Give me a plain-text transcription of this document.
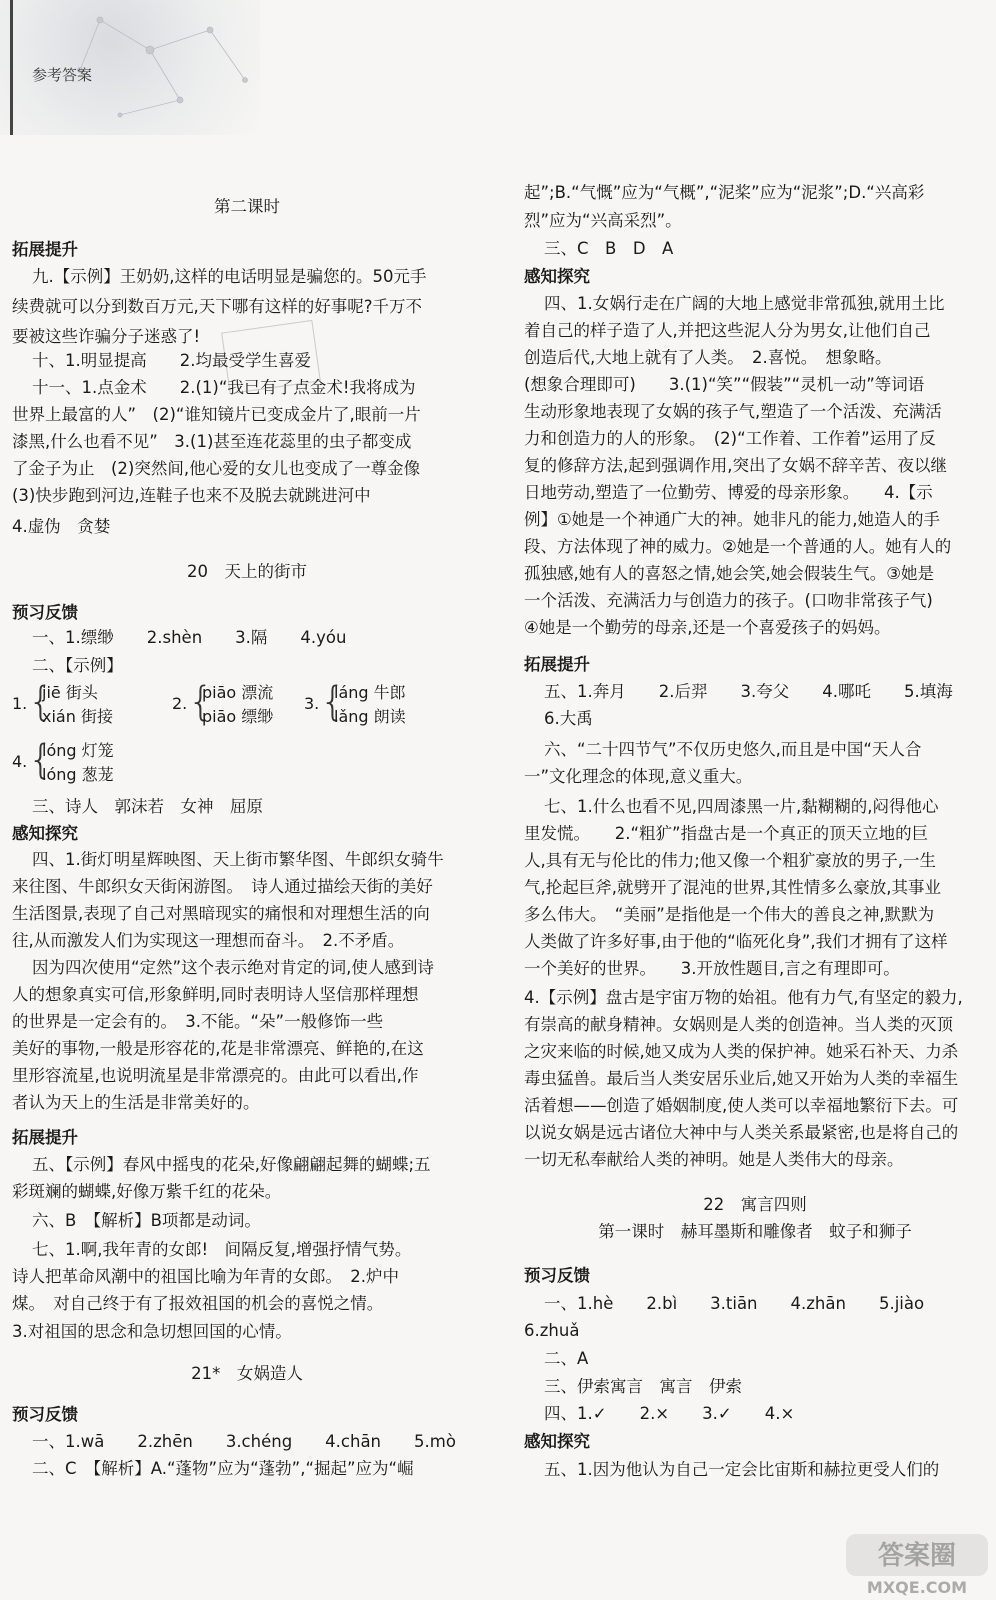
参考答案
第二课时
拓展提升
九.【示例】王奶奶,这样的电话明显是骗您的。50元手
续费就可以分到数百万元,天下哪有这样的好事呢?千万不
要被这些诈骗分子迷惑了!
十、1.明显提高　　2.均最受学生喜爱
十一、1.点金术　　2.(1)“我已有了点金术!我将成为
世界上最富的人”　(2)“谁知镜片已变成金片了,眼前一片
漆黑,什么也看不见”　3.(1)甚至连花蕊里的虫子都变成
了金子为止　(2)突然间,他心爱的女儿也变成了一尊金像
(3)快步跑到河边,连鞋子也来不及脱去就跳进河中
4.虚伪　贪婪
20　天上的街市
预习反馈
一、1.缥缈　　2.shèn　　3.隔　　4.yóu
二、【示例】
1. {
jiē 街头
xián 街接
2. {
piāo 漂流
piāo 缥缈
3. {
láng 牛郎
lǎng 朗读
4. {
lóng 灯笼
lóng 葱茏
三、诗人　郭沫若　女神　屈原
感知探究
四、1.街灯明星辉映图、天上街市繁华图、牛郎织女骑牛
来往图、牛郎织女天街闲游图。　诗人通过描绘天街的美好
生活图景,表现了自己对黑暗现实的痛恨和对理想生活的向
往,从而激发人们为实现这一理想而奋斗。　2.不矛盾。
因为四次使用“定然”这个表示绝对肯定的词,使人感到诗
人的想象真实可信,形象鲜明,同时表明诗人坚信那样理想
的世界是一定会有的。　3.不能。“朵”一般修饰一些
美好的事物,一般是形容花的,花是非常漂亮、鲜艳的,在这
里形容流星,也说明流星是非常漂亮的。由此可以看出,作
者认为天上的生活是非常美好的。
拓展提升
五、【示例】春风中摇曳的花朵,好像翩翩起舞的蝴蝶;五
彩斑斓的蝴蝶,好像万紫千红的花朵。
六、B　【解析】B项都是动词。
七、1.啊,我年青的女郎!　间隔反复,增强抒情气势。
诗人把革命风潮中的祖国比喻为年青的女郎。　2.炉中
煤。　对自己终于有了报效祖国的机会的喜悦之情。
3.对祖国的思念和急切想回国的心情。
21*　女娲造人
预习反馈
一、1.wā　　2.zhēn　　3.chéng　　4.chān　　5.mò
二、C　【解析】A.“蓬物”应为“蓬勃”,“掘起”应为“崛
起”;B.“气慨”应为“气概”,“泥桨”应为“泥浆”;D.“兴高彩
烈”应为“兴高采烈”。
三、C　B　D　A
感知探究
四、1.女娲行走在广阔的大地上感觉非常孤独,就用土比
着自己的样子造了人,并把这些泥人分为男女,让他们自己
创造后代,大地上就有了人类。　2.喜悦。　想象略。
(想象合理即可)　　3.(1)“笑”“假装”“灵机一动”等词语
生动形象地表现了女娲的孩子气,塑造了一个活泼、充满活
力和创造力的人的形象。　(2)“工作着、工作着”运用了反
复的修辞方法,起到强调作用,突出了女娲不辞辛苦、夜以继
日地劳动,塑造了一位勤劳、博爱的母亲形象。　　4.【示
例】①她是一个神通广大的神。她非凡的能力,她造人的手
段、方法体现了神的威力。②她是一个普通的人。她有人的
孤独感,她有人的喜怒之情,她会笑,她会假装生气。③她是
一个活泼、充满活力与创造力的孩子。(口吻非常孩子气)
④她是一个勤劳的母亲,还是一个喜爱孩子的妈妈。
拓展提升
五、1.奔月　　2.后羿　　3.夸父　　4.哪吒　　5.填海
6.大禹
六、“二十四节气”不仅历史悠久,而且是中国“天人合
一”文化理念的体现,意义重大。
七、1.什么也看不见,四周漆黑一片,黏糊糊的,闷得他心
里发慌。　　2.“粗犷”指盘古是一个真正的顶天立地的巨
人,具有无与伦比的伟力;他又像一个粗犷豪放的男子,一生
气,抡起巨斧,就劈开了混沌的世界,其性情多么豪放,其事业
多么伟大。　“美丽”是指他是一个伟大的善良之神,默默为
人类做了许多好事,由于他的“临死化身”,我们才拥有了这样
一个美好的世界。　　3.开放性题目,言之有理即可。
4.【示例】盘古是宇宙万物的始祖。他有力气,有坚定的毅力,
有崇高的献身精神。女娲则是人类的创造神。当人类的灭顶
之灾来临的时候,她又成为人类的保护神。她采石补天、力杀
毒虫猛兽。最后当人类安居乐业后,她又开始为人类的幸福生
活着想——创造了婚姻制度,使人类可以幸福地繁衍下去。可
以说女娲是远古诸位大神中与人类关系最紧密,也是将自己的
一切无私奉献给人类的神明。她是人类伟大的母亲。
22　寓言四则
第一课时　赫耳墨斯和雕像者　蚊子和狮子
预习反馈
一、1.hè　　2.bì　　3.tiān　　4.zhān　　5.jiào
6.zhuǎ
二、A
三、伊索寓言　寓言　伊索
四、1.✓　　2.×　　3.✓　　4.×
感知探究
五、1.因为他认为自己一定会比宙斯和赫拉更受人们的
答案圈
MXQE.COM
